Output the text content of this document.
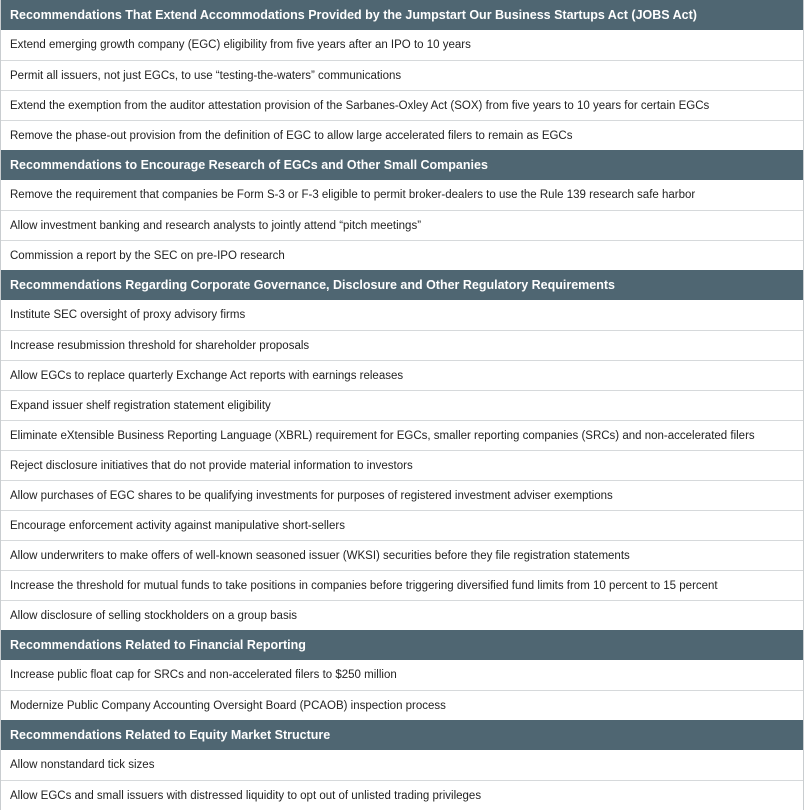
Recommendations That Extend Accommodations Provided by the Jumpstart Our Business Startups Act (JOBS Act)
Extend emerging growth company (EGC) eligibility from five years after an IPO to 10 years
Permit all issuers, not just EGCs, to use “testing-the-waters” communications
Extend the exemption from the auditor attestation provision of the Sarbanes-Oxley Act (SOX) from five years to 10 years for certain EGCs
Remove the phase-out provision from the definition of EGC to allow large accelerated filers to remain as EGCs
Recommendations to Encourage Research of EGCs and Other Small Companies
Remove the requirement that companies be Form S-3 or F-3 eligible to permit broker-dealers to use the Rule 139 research safe harbor
Allow investment banking and research analysts to jointly attend “pitch meetings”
Commission a report by the SEC on pre-IPO research
Recommendations Regarding Corporate Governance, Disclosure and Other Regulatory Requirements
Institute SEC oversight of proxy advisory firms
Increase resubmission threshold for shareholder proposals
Allow EGCs to replace quarterly Exchange Act reports with earnings releases
Expand issuer shelf registration statement eligibility
Eliminate eXtensible Business Reporting Language (XBRL) requirement for EGCs, smaller reporting companies (SRCs) and non-accelerated filers
Reject disclosure initiatives that do not provide material information to investors
Allow purchases of EGC shares to be qualifying investments for purposes of registered investment adviser exemptions
Encourage enforcement activity against manipulative short-sellers
Allow underwriters to make offers of well-known seasoned issuer (WKSI) securities before they file registration statements
Increase the threshold for mutual funds to take positions in companies before triggering diversified fund limits from 10 percent to 15 percent
Allow disclosure of selling stockholders on a group basis
Recommendations Related to Financial Reporting
Increase public float cap for SRCs and non-accelerated filers to $250 million
Modernize Public Company Accounting Oversight Board (PCAOB) inspection process
Recommendations Related to Equity Market Structure
Allow nonstandard tick sizes
Allow EGCs and small issuers with distressed liquidity to opt out of unlisted trading privileges
